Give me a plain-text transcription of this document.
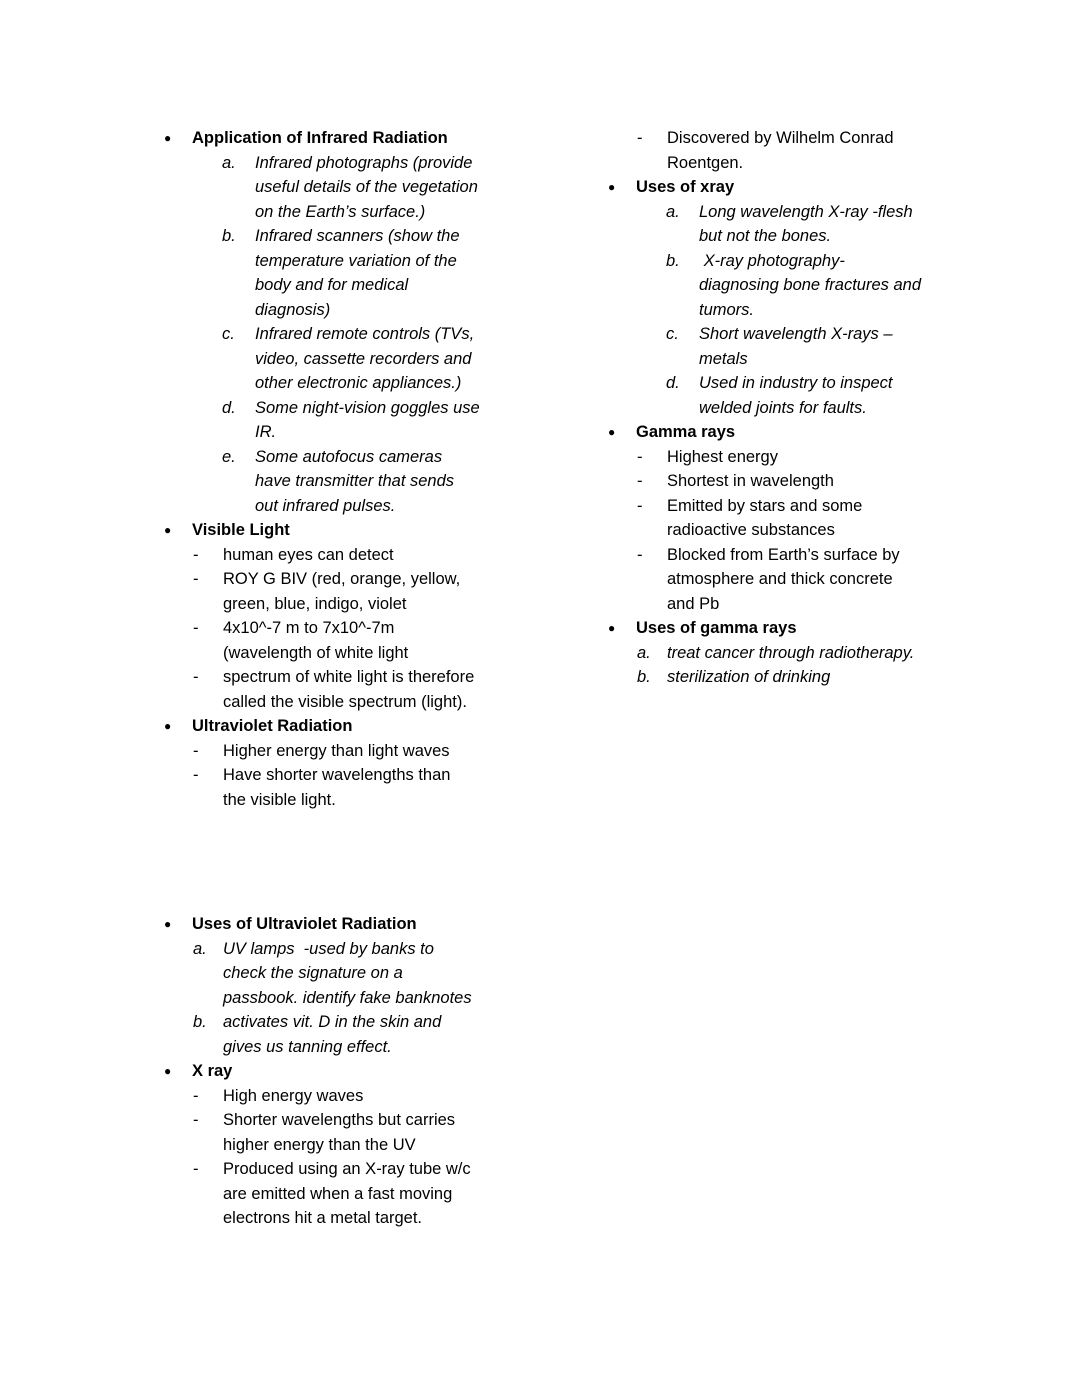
●	Application of Infrared Radiation
a.	Infrared photographs (provide
useful details of the vegetation
on the Earth’s surface.)
b.	Infrared scanners (show the
temperature variation of the
body and for medical
diagnosis)
c.	Infrared remote controls (TVs,
video, cassette recorders and
other electronic appliances.)
d.	Some night-vision goggles use
IR.
e.	Some autofocus cameras
have transmitter that sends
out infrared pulses.
●	Visible Light
-	human eyes can detect
-	ROY G BIV (red, orange, yellow,
green, blue, indigo, violet
-	4x10^-7 m to 7x10^-7m
(wavelength of white light
-	spectrum of white light is therefore
called the visible spectrum (light).
●	Ultraviolet Radiation
-	Higher energy than light waves
-	Have shorter wavelengths than
the visible light.
●	Uses of Ultraviolet Radiation
a. UV lamps  -used by banks to
check the signature on a
passbook. identify fake banknotes
b. activates vit. D in the skin and
gives us tanning effect.
●	X ray
-	High energy waves
-	Shorter wavelengths but carries
higher energy than the UV
-	Produced using an X-ray tube w/c
are emitted when a fast moving
electrons hit a metal target.
-	Discovered by Wilhelm Conrad
Roentgen.
●	Uses of xray
a.	Long wavelength X-ray -flesh
but not the bones.
b.	X-ray photography-
diagnosing bone fractures and
tumors.
c.	Short wavelength X-rays –
metals
d.	Used in industry to inspect
welded joints for faults.
●	Gamma rays
-	Highest energy
-	Shortest in wavelength
-	Emitted by stars and some
radioactive substances
-	Blocked from Earth’s surface by
atmosphere and thick concrete
and Pb
●	Uses of gamma rays
a. treat cancer through radiotherapy.
b. sterilization of drinking
